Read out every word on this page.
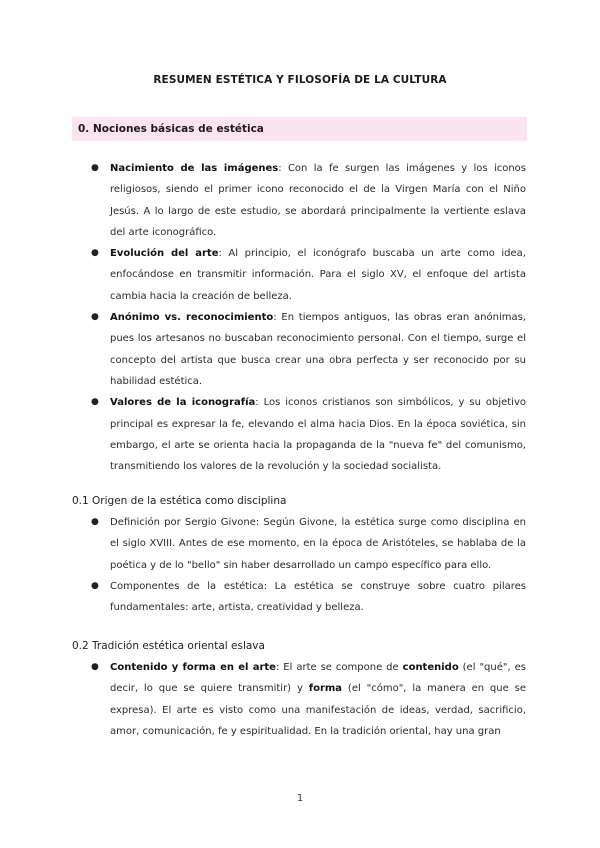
RESUMEN ESTÉTICA Y FILOSOFÍA DE LA CULTURA
0. Nociones básicas de estética
● Nacimiento de las imágenes: Con la fe surgen las imágenes y los iconos religiosos, siendo el primer icono reconocido el de la Virgen María con el Niño Jesús. A lo largo de este estudio, se abordará principalmente la vertiente eslava del arte iconográfico.
● Evolución del arte: Al principio, el iconógrafo buscaba un arte como idea, enfocándose en transmitir información. Para el siglo XV, el enfoque del artista cambia hacia la creación de belleza.
● Anónimo vs. reconocimiento: En tiempos antiguos, las obras eran anónimas, pues los artesanos no buscaban reconocimiento personal. Con el tiempo, surge el concepto del artista que busca crear una obra perfecta y ser reconocido por su habilidad estética.
● Valores de la iconografía: Los iconos cristianos son simbólicos, y su objetivo principal es expresar la fe, elevando el alma hacia Dios. En la época soviética, sin embargo, el arte se orienta hacia la propaganda de la "nueva fe" del comunismo, transmitiendo los valores de la revolución y la sociedad socialista.
0.1 Origen de la estética como disciplina
● Definición por Sergio Givone: Según Givone, la estética surge como disciplina en el siglo XVIII. Antes de ese momento, en la época de Aristóteles, se hablaba de la poética y de lo "bello" sin haber desarrollado un campo específico para ello.
● Componentes de la estética: La estética se construye sobre cuatro pilares fundamentales: arte, artista, creatividad y belleza.
0.2 Tradición estética oriental eslava
● Contenido y forma en el arte: El arte se compone de contenido (el "qué", es decir, lo que se quiere transmitir) y forma (el "cómo", la manera en que se expresa). El arte es visto como una manifestación de ideas, verdad, sacrificio, amor, comunicación, fe y espiritualidad. En la tradición oriental, hay una gran
1
